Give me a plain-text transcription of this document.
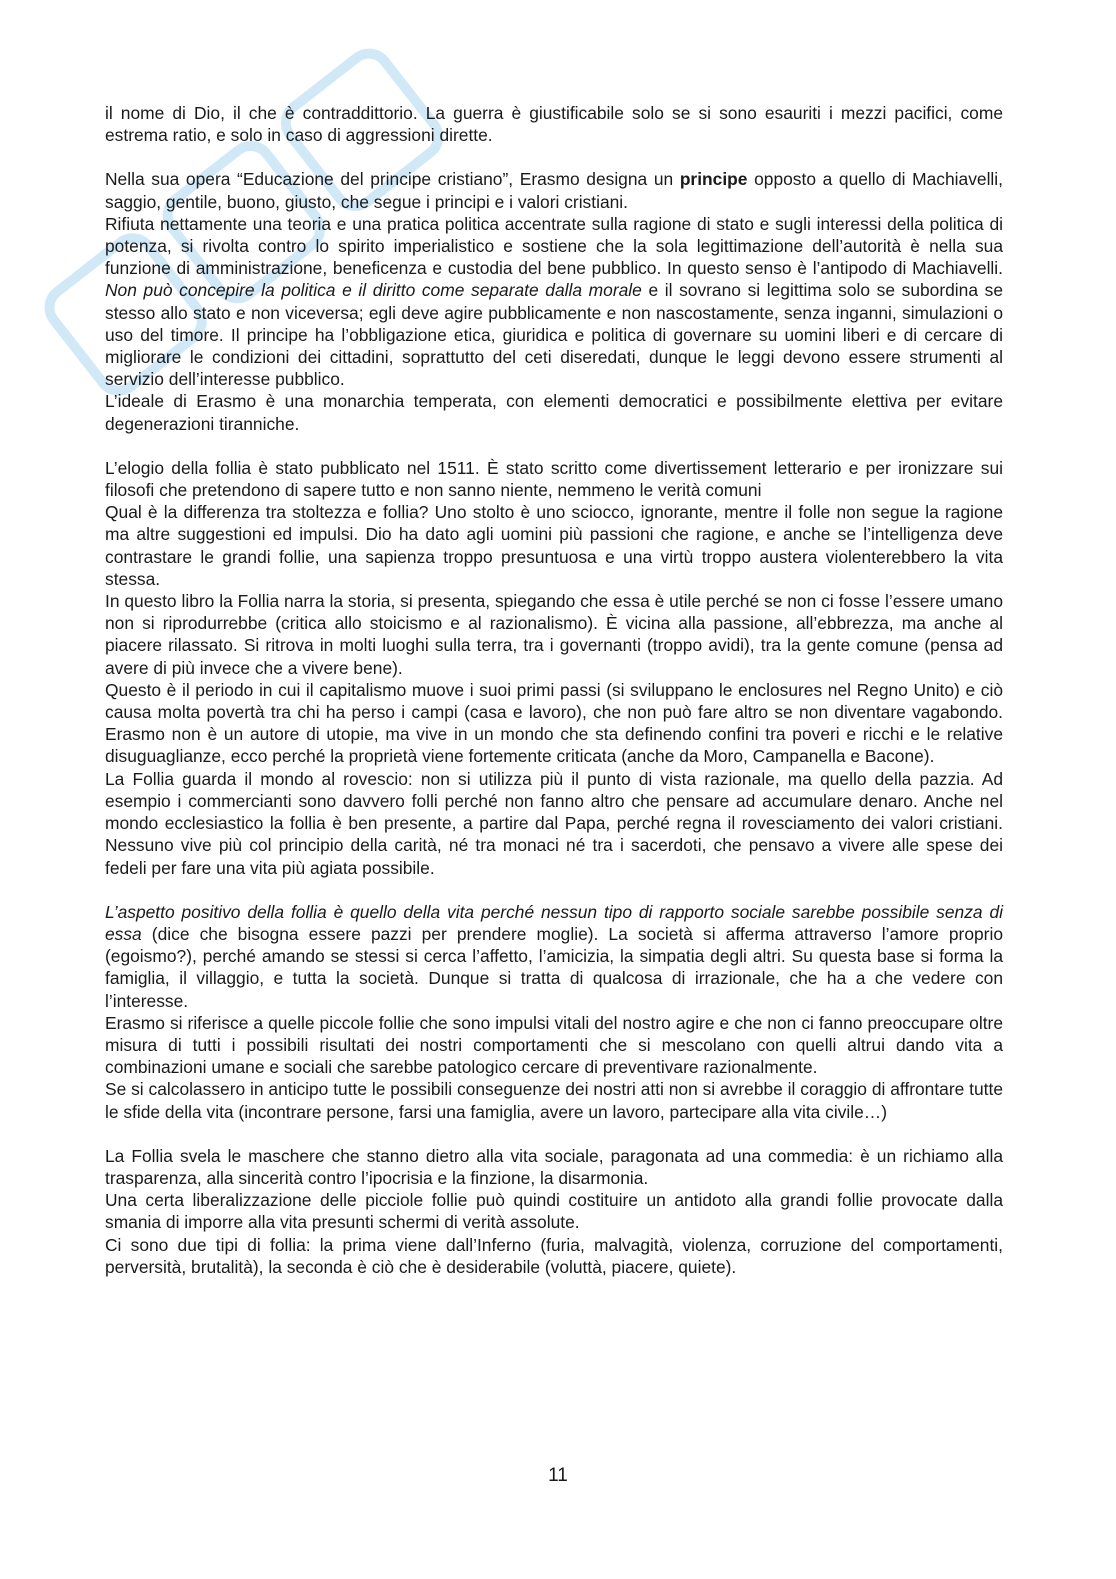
il nome di Dio, il che è contraddittorio. La guerra è giustificabile solo se si sono esauriti i mezzi pacifici, come estrema ratio, e solo in caso di aggressioni dirette.

Nella sua opera “Educazione del principe cristiano”, Erasmo designa un principe opposto a quello di Machiavelli, saggio, gentile, buono, giusto, che segue i principi e i valori cristiani.

Rifiuta nettamente una teoria e una pratica politica accentrate sulla ragione di stato e sugli interessi della politica di potenza, si rivolta contro lo spirito imperialistico e sostiene che la sola legittimazione dell’autorità è nella sua funzione di amministrazione, beneficenza e custodia del bene pubblico. In questo senso è l’antipodo di Machiavelli. Non può concepire la politica e il diritto come separate dalla morale e il sovrano si legittima solo se subordina se stesso allo stato e non viceversa; egli deve agire pubblicamente e non nascostamente, senza inganni, simulazioni o uso del timore. Il principe ha l’obbligazione etica, giuridica e politica di governare su uomini liberi e di cercare di migliorare le condizioni dei cittadini, soprattutto del ceti diseredati, dunque le leggi devono essere strumenti al servizio dell’interesse pubblico.

L’ideale di Erasmo è una monarchia temperata, con elementi democratici e possibilmente elettiva per evitare degenerazioni tiranniche.

L’elogio della follia è stato pubblicato nel 1511. È stato scritto come divertissement letterario e per ironizzare sui filosofi che pretendono di sapere tutto e non sanno niente, nemmeno le verità comuni

Qual è la differenza tra stoltezza e follia? Uno stolto è uno sciocco, ignorante, mentre il folle non segue la ragione ma altre suggestioni ed impulsi. Dio ha dato agli uomini più passioni che ragione, e anche se l’intelligenza deve contrastare le grandi follie, una sapienza troppo presuntuosa e una virtù troppo austera violenterebbero la vita stessa.

In questo libro la Follia narra la storia, si presenta, spiegando che essa è utile perché se non ci fosse l’essere umano non si riprodurrebbe (critica allo stoicismo e al razionalismo). È vicina alla passione, all’ebbrezza, ma anche al piacere rilassato. Si ritrova in molti luoghi sulla terra, tra i governanti (troppo avidi), tra la gente comune (pensa ad avere di più invece che a vivere bene).

Questo è il periodo in cui il capitalismo muove i suoi primi passi (si sviluppano le enclosures nel Regno Unito) e ciò causa molta povertà tra chi ha perso i campi (casa e lavoro), che non può fare altro se non diventare vagabondo. Erasmo non è un autore di utopie, ma vive in un mondo che sta definendo confini tra poveri e ricchi e le relative disuguaglianze, ecco perché la proprietà viene fortemente criticata (anche da Moro, Campanella e Bacone).

La Follia guarda il mondo al rovescio: non si utilizza più il punto di vista razionale, ma quello della pazzia. Ad esempio i commercianti sono davvero folli perché non fanno altro che pensare ad accumulare denaro. Anche nel mondo ecclesiastico la follia è ben presente, a partire dal Papa, perché regna il rovesciamento dei valori cristiani. Nessuno vive più col principio della carità, né tra monaci né tra i sacerdoti, che pensavo a vivere alle spese dei fedeli per fare una vita più agiata possibile.

L’aspetto positivo della follia è quello della vita perché nessun tipo di rapporto sociale sarebbe possibile senza di essa (dice che bisogna essere pazzi per prendere moglie). La società si afferma attraverso l’amore proprio (egoismo?), perché amando se stessi si cerca l’affetto, l’amicizia, la simpatia degli altri. Su questa base si forma la famiglia, il villaggio, e tutta la società. Dunque si tratta di qualcosa di irrazionale, che ha a che vedere con l’interesse.

Erasmo si riferisce a quelle piccole follie che sono impulsi vitali del nostro agire e che non ci fanno preoccupare oltre misura di tutti i possibili risultati dei nostri comportamenti che si mescolano con quelli altrui dando vita a combinazioni umane e sociali che sarebbe patologico cercare di preventivare razionalmente.

Se si calcolassero in anticipo tutte le possibili conseguenze dei nostri atti non si avrebbe il coraggio di affrontare tutte le sfide della vita (incontrare persone, farsi una famiglia, avere un lavoro, partecipare alla vita civile…)

La Follia svela le maschere che stanno dietro alla vita sociale, paragonata ad una commedia: è un richiamo alla trasparenza, alla sincerità contro l’ipocrisia e la finzione, la disarmonia.

Una certa liberalizzazione delle picciole follie può quindi costituire un antidoto alla grandi follie provocate dalla smania di imporre alla vita presunti schermi di verità assolute.

Ci sono due tipi di follia: la prima viene dall’Inferno (furia, malvagità, violenza, corruzione del comportamenti, perversità, brutalità), la seconda è ciò che è desiderabile (voluttà, piacere, quiete).

11
